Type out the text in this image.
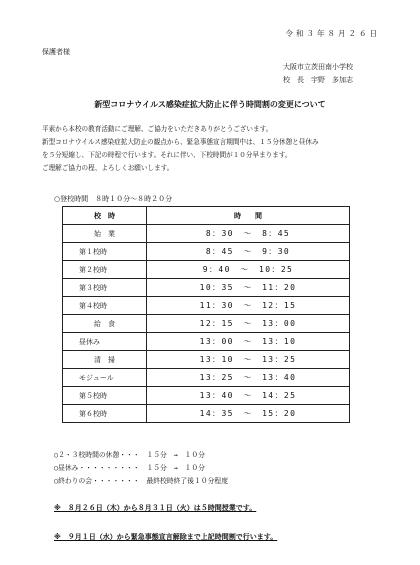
令和３年８月２６日
保護者様
大阪市立茨田南小学校
校　長　宇野　多加志
新型コロナウイルス感染症拡大防止に伴う時間割の変更について
平素から本校の教育活動にご理解、ご協力をいただきありがとうございます。
新型コロナウイルス感染症拡大防止の観点から、緊急事態宣言期間中は、１５分休憩と昼休み
を５分短縮し、下記の時程で行います。それに伴い、下校時間が１０分早まります。
ご理解ご協力の程、よろしくお願いします。
○登校時間　８時１０分～８時２０分
校　時	時　　間
始　業	8：30　～　8：45
第１校時	8：45　～　9：30
第２校時	9：40　～　10：25
第３校時	10：35　～　11：20
第４校時	11：30　～　12：15
給　食	12：15　～　13：00
昼休み	13：00　～　13：10
清　掃	13：10　～　13：25
モジュール	13：25　～　13：40
第５校時	13：40　～　14：25
第６校時	14：35　～　15：20
○２・３校時間の休憩・・・　１５分　→　１０分
○昼休み・・・・・・・・・　１５分　→　１０分
○終わりの会・・・・・・・　最終校時終了後１０分程度
※　８月２６日（木）から８月３１日（火）は５時間授業です。
※　９月１日（水）から緊急事態宣言解除まで上記時間割で行います。
